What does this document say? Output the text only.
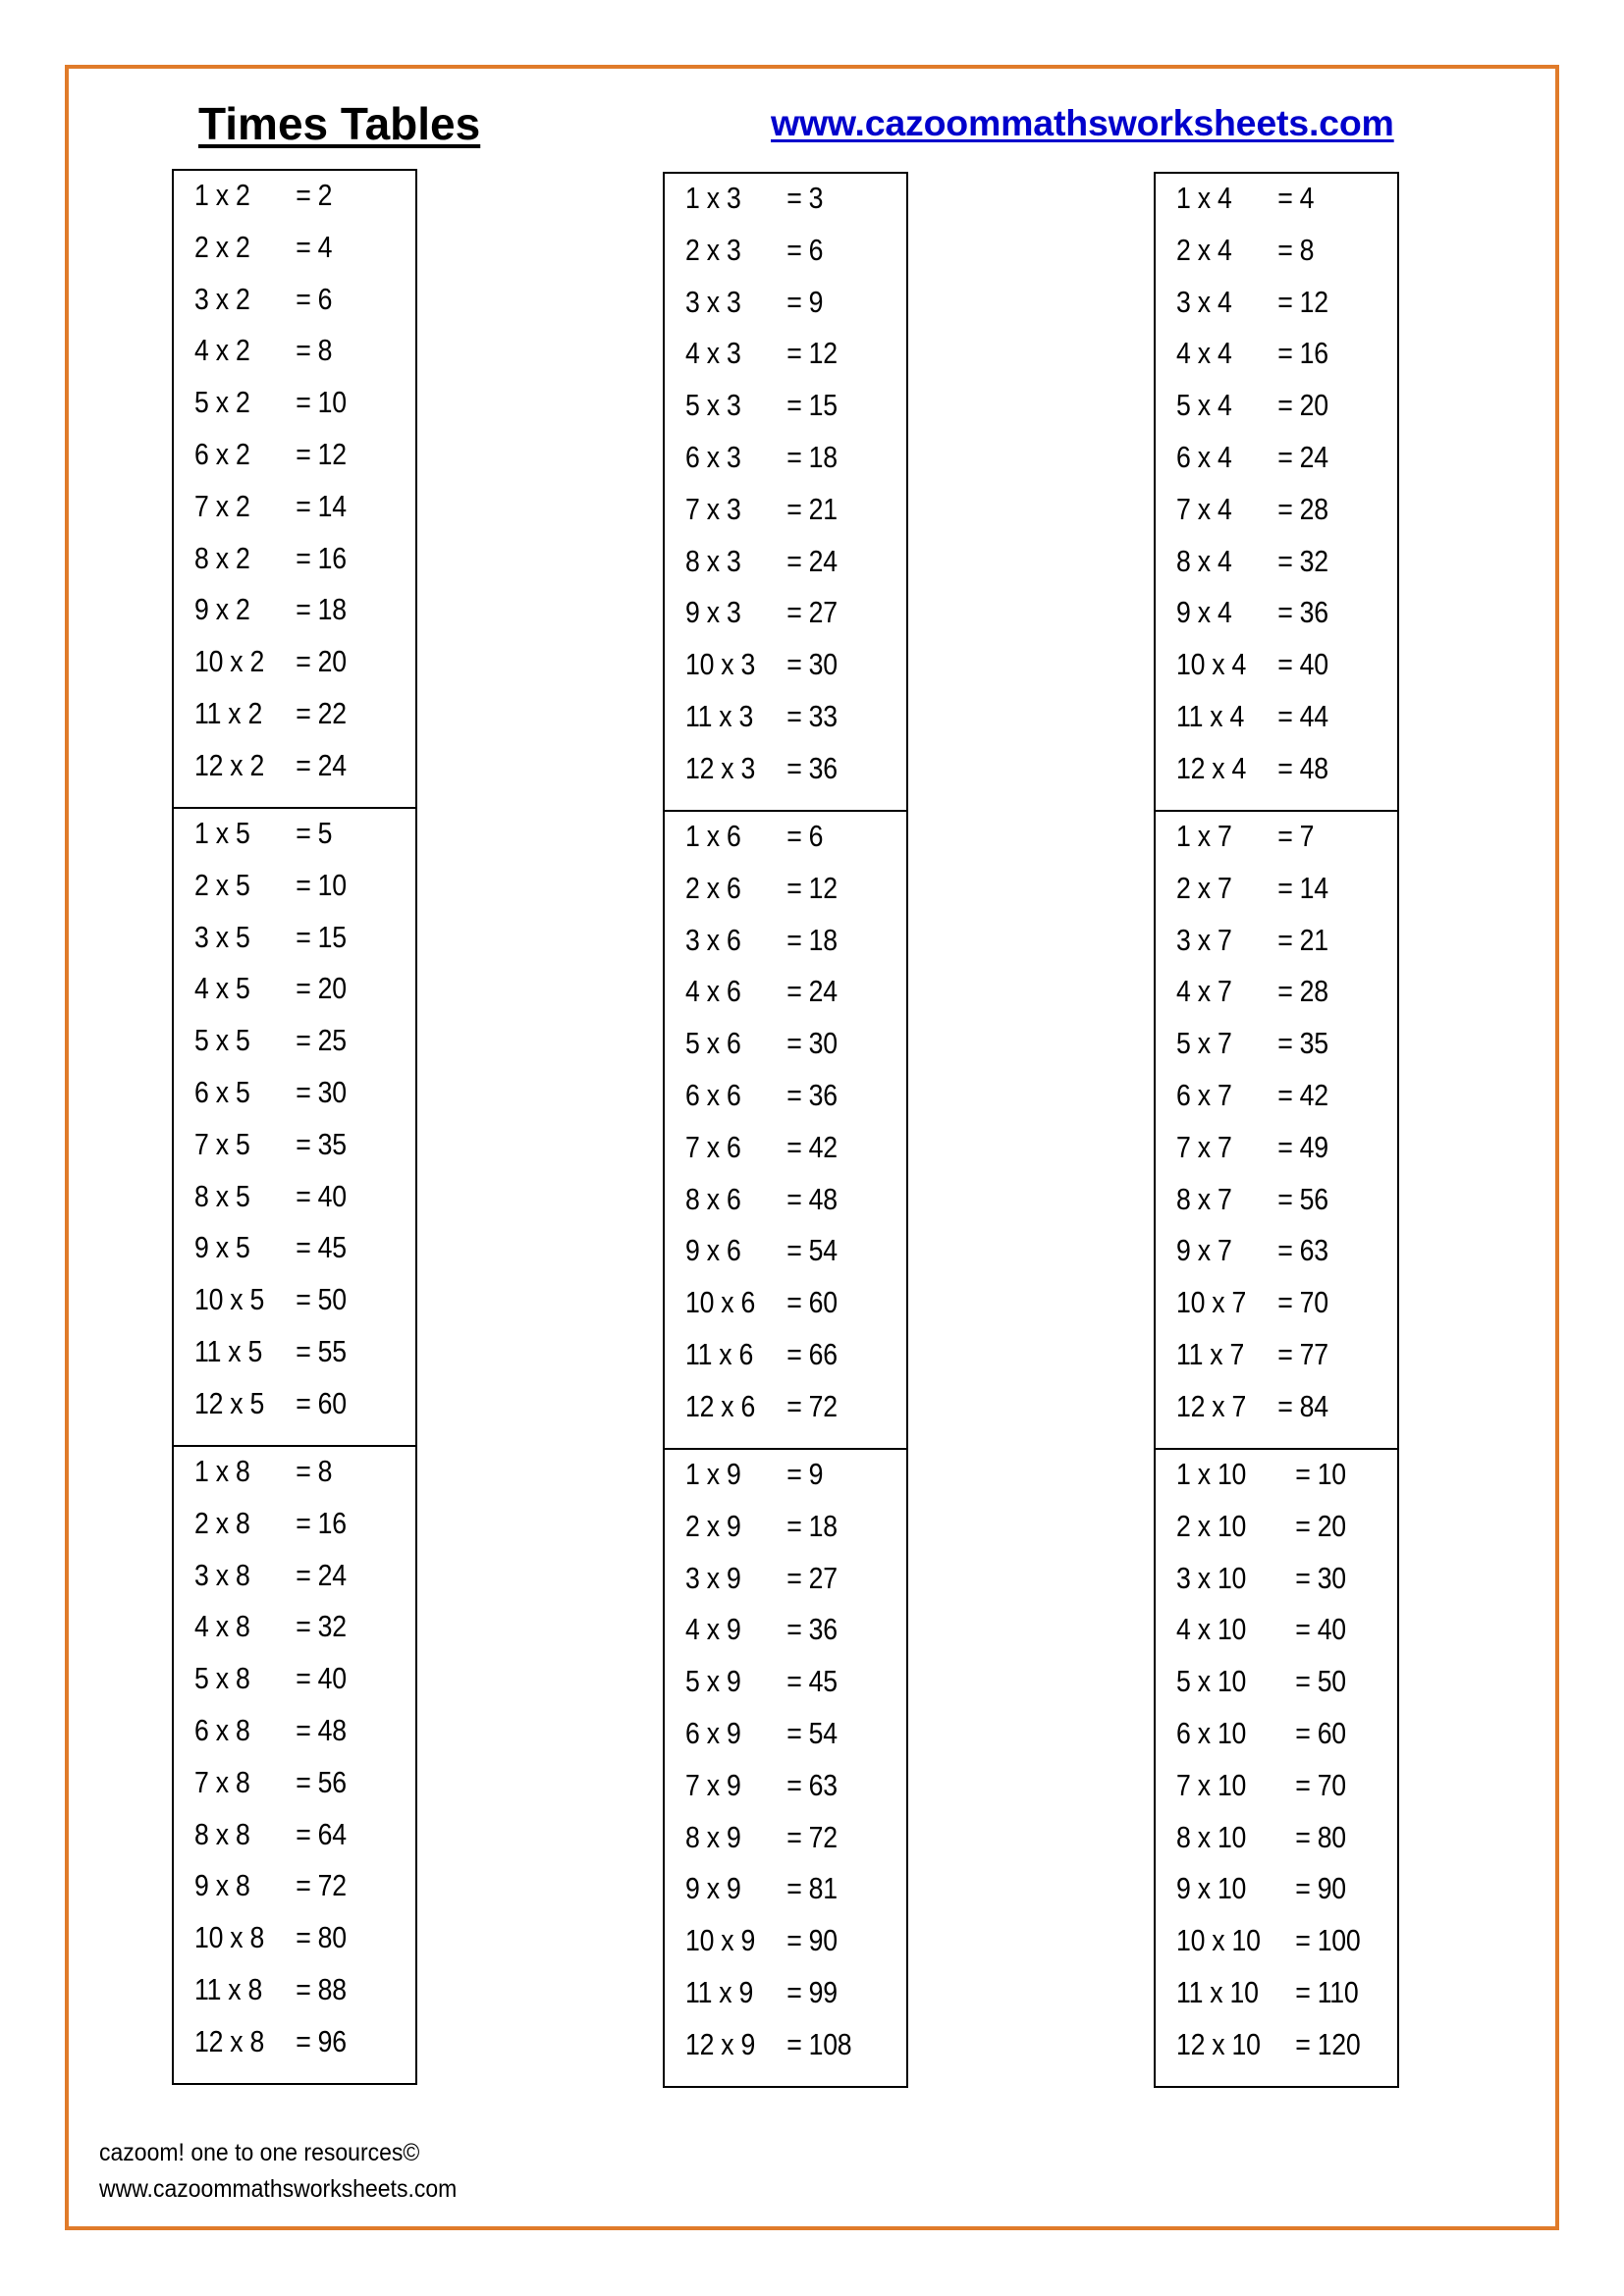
Times Tables	www.cazoommathsworksheets.com
1 x 2 = 2
2 x 2 = 4
3 x 2 = 6
4 x 2 = 8
5 x 2 = 10
6 x 2 = 12
7 x 2 = 14
8 x 2 = 16
9 x 2 = 18
10 x 2 = 20
11 x 2 = 22
12 x 2 = 24
1 x 5 = 5
2 x 5 = 10
3 x 5 = 15
4 x 5 = 20
5 x 5 = 25
6 x 5 = 30
7 x 5 = 35
8 x 5 = 40
9 x 5 = 45
10 x 5 = 50
11 x 5 = 55
12 x 5 = 60
1 x 8 = 8
2 x 8 = 16
3 x 8 = 24
4 x 8 = 32
5 x 8 = 40
6 x 8 = 48
7 x 8 = 56
8 x 8 = 64
9 x 8 = 72
10 x 8 = 80
11 x 8 = 88
12 x 8 = 96
1 x 3 = 3
2 x 3 = 6
3 x 3 = 9
4 x 3 = 12
5 x 3 = 15
6 x 3 = 18
7 x 3 = 21
8 x 3 = 24
9 x 3 = 27
10 x 3 = 30
11 x 3 = 33
12 x 3 = 36
1 x 6 = 6
2 x 6 = 12
3 x 6 = 18
4 x 6 = 24
5 x 6 = 30
6 x 6 = 36
7 x 6 = 42
8 x 6 = 48
9 x 6 = 54
10 x 6 = 60
11 x 6 = 66
12 x 6 = 72
1 x 9 = 9
2 x 9 = 18
3 x 9 = 27
4 x 9 = 36
5 x 9 = 45
6 x 9 = 54
7 x 9 = 63
8 x 9 = 72
9 x 9 = 81
10 x 9 = 90
11 x 9 = 99
12 x 9 = 108
1 x 4 = 4
2 x 4 = 8
3 x 4 = 12
4 x 4 = 16
5 x 4 = 20
6 x 4 = 24
7 x 4 = 28
8 x 4 = 32
9 x 4 = 36
10 x 4 = 40
11 x 4 = 44
12 x 4 = 48
1 x 7 = 7
2 x 7 = 14
3 x 7 = 21
4 x 7 = 28
5 x 7 = 35
6 x 7 = 42
7 x 7 = 49
8 x 7 = 56
9 x 7 = 63
10 x 7 = 70
11 x 7 = 77
12 x 7 = 84
1 x 10 = 10
2 x 10 = 20
3 x 10 = 30
4 x 10 = 40
5 x 10 = 50
6 x 10 = 60
7 x 10 = 70
8 x 10 = 80
9 x 10 = 90
10 x 10 = 100
11 x 10 = 110
12 x 10 = 120
cazoom! one to one resources©
www.cazoommathsworksheets.com
